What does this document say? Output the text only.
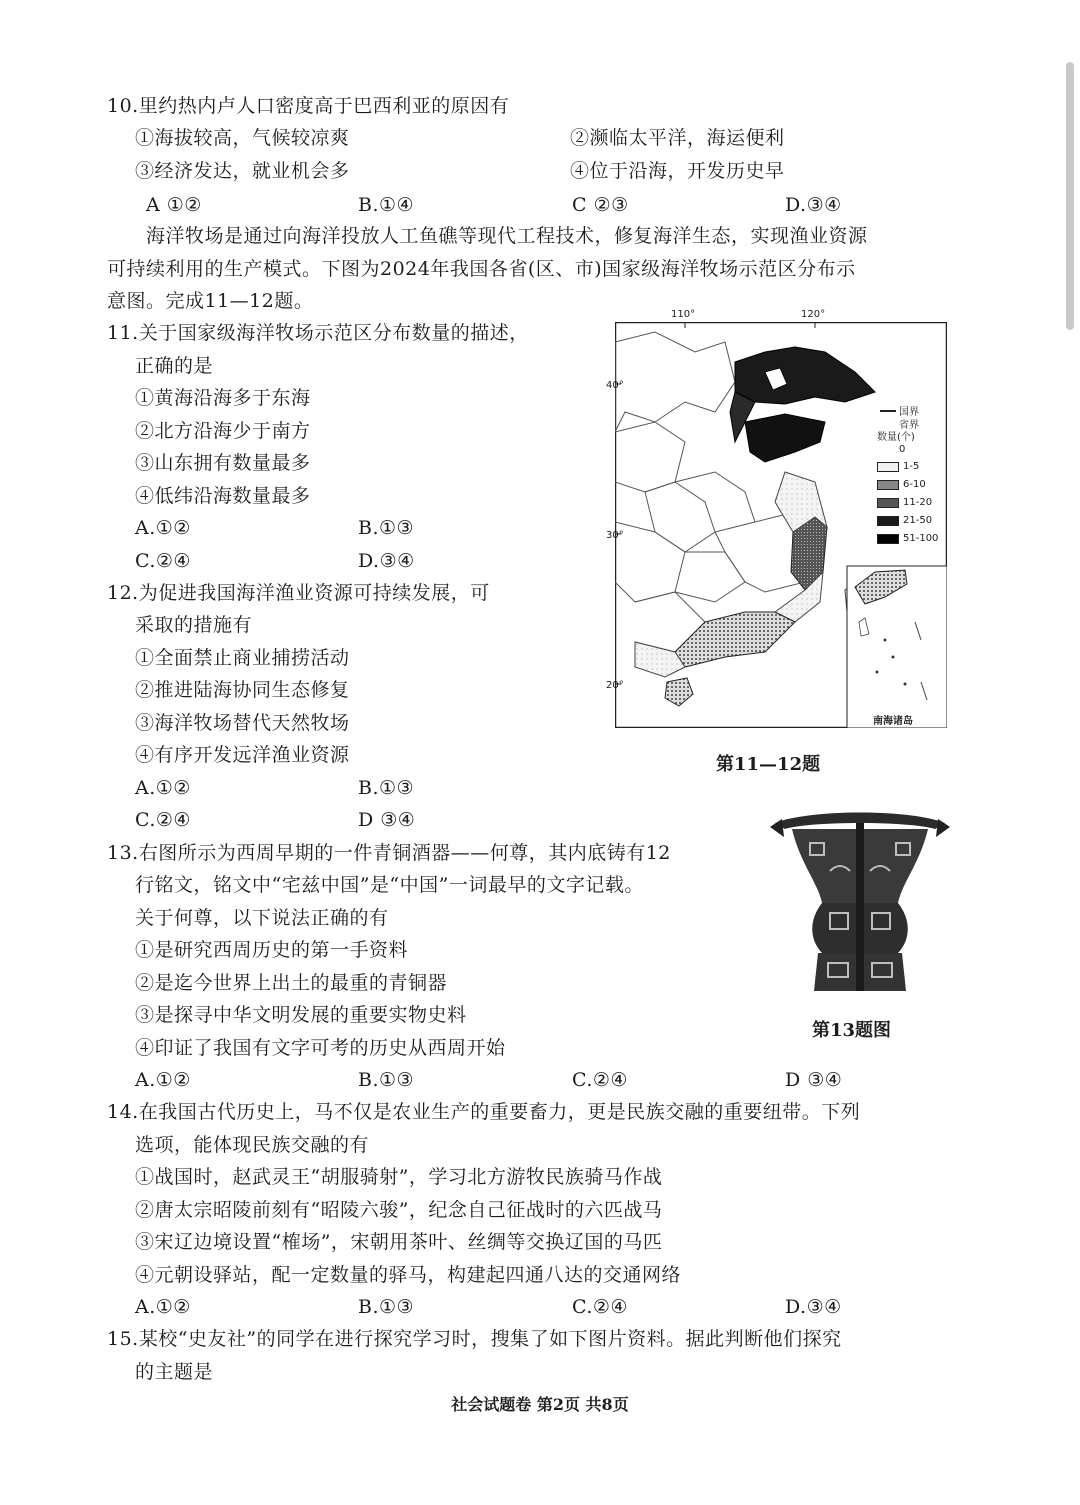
10.里约热内卢人口密度高于巴西利亚的原因有
①海拔较高，气候较凉爽	②濒临太平洋，海运便利
③经济发达，就业机会多	④位于沿海，开发历史早
A ①②	B.①④	C ②③	D.③④
海洋牧场是通过向海洋投放人工鱼礁等现代工程技术，修复海洋生态，实现渔业资源
可持续利用的生产模式。下图为2024年我国各省(区、市)国家级海洋牧场示范区分布示
意图。完成11—12题。
11.关于国家级海洋牧场示范区分布数量的描述，
正确的是
①黄海沿海多于东海
②北方沿海少于南方
③山东拥有数量最多
④低纬沿海数量最多
A.①②	B.①③
C.②④	D.③④
12.为促进我国海洋渔业资源可持续发展，可
采取的措施有
①全面禁止商业捕捞活动
②推进陆海协同生态修复
③海洋牧场替代天然牧场
④有序开发远洋渔业资源
A.①②	B.①③
C.②④	D ③④
国界
省界
数量(个)
0
1-5
6-10
11-20
21-50
51-100
南海诸岛
40°
30°
20°
110°	120°
第11—12题
第13题图
13.右图所示为西周早期的一件青铜酒器——何尊，其内底铸有12
行铭文，铭文中“宅兹中国”是“中国”一词最早的文字记载。
关于何尊，以下说法正确的有
①是研究西周历史的第一手资料
②是迄今世界上出土的最重的青铜器
③是探寻中华文明发展的重要实物史料
④印证了我国有文字可考的历史从西周开始
A.①②	B.①③	C.②④	D ③④
14.在我国古代历史上，马不仅是农业生产的重要畜力，更是民族交融的重要纽带。下列
选项，能体现民族交融的有
①战国时，赵武灵王“胡服骑射”，学习北方游牧民族骑马作战
②唐太宗昭陵前刻有“昭陵六骏”，纪念自己征战时的六匹战马
③宋辽边境设置“榷场”，宋朝用茶叶、丝绸等交换辽国的马匹
④元朝设驿站，配一定数量的驿马，构建起四通八达的交通网络
A.①②	B.①③	C.②④	D.③④
15.某校“史友社”的同学在进行探究学习时，搜集了如下图片资料。据此判断他们探究
的主题是
社会试题卷 第2页 共8页
